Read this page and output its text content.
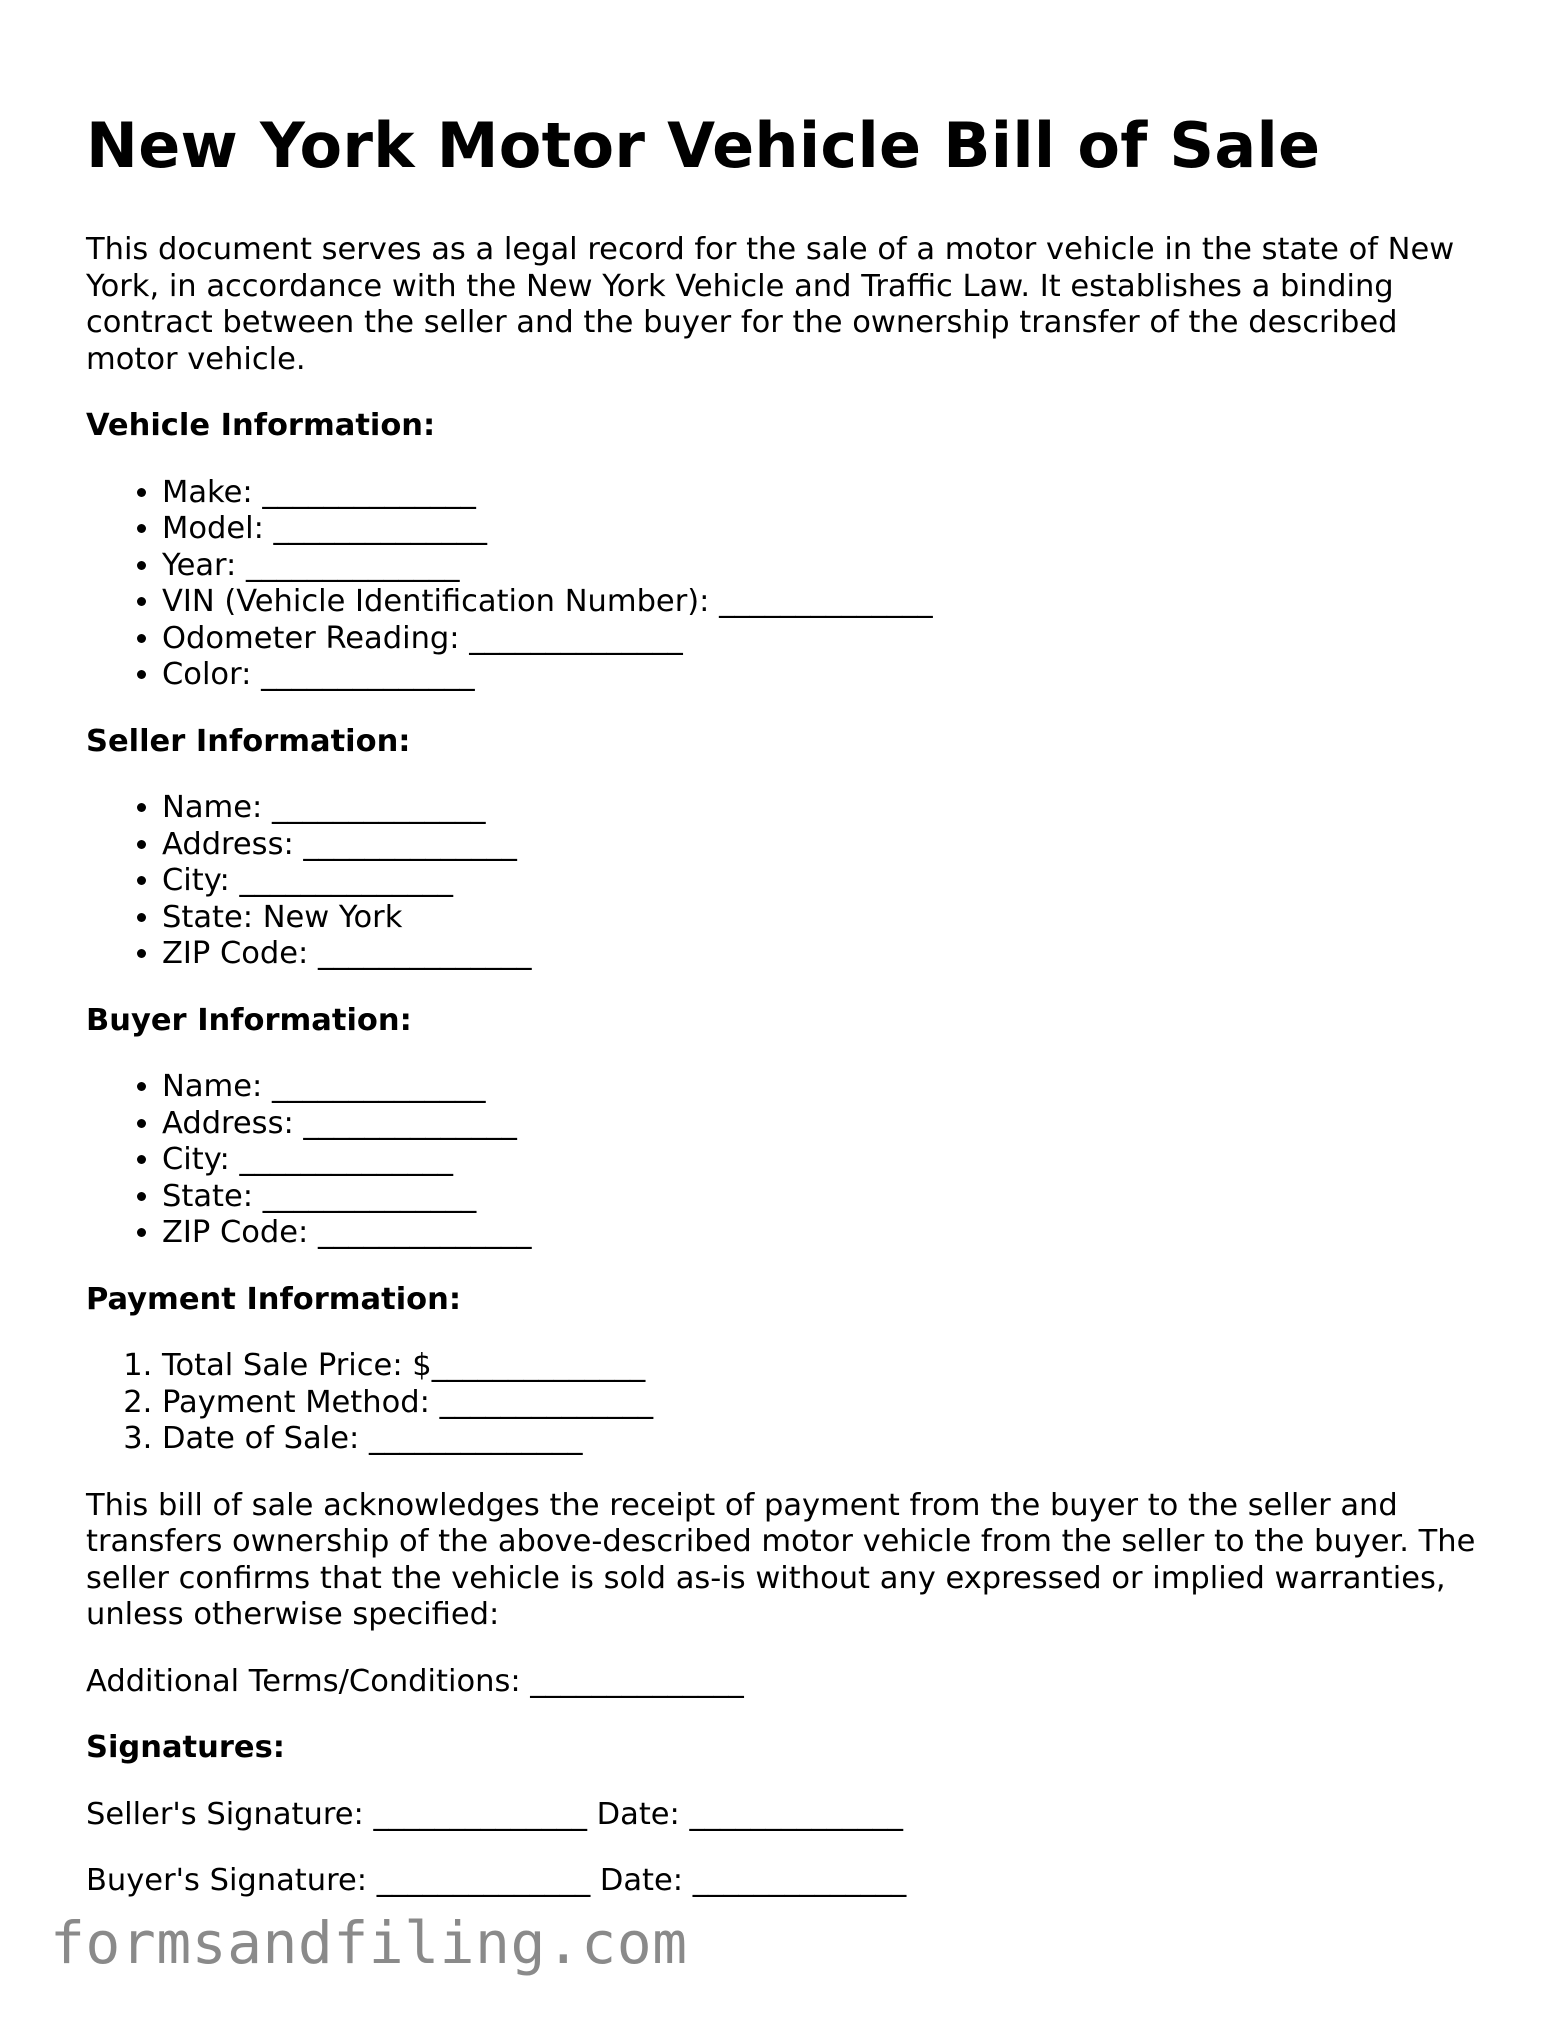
New York Motor Vehicle Bill of Sale

This document serves as a legal record for the sale of a motor vehicle in the state of New York, in accordance with the New York Vehicle and Traffic Law. It establishes a binding contract between the seller and the buyer for the ownership transfer of the described motor vehicle.

Vehicle Information:
• Make: ______________
• Model: ______________
• Year: ______________
• VIN (Vehicle Identification Number): ______________
• Odometer Reading: ______________
• Color: ______________
Seller Information:
• Name: ______________
• Address: ______________
• City: ______________
• State: New York
• ZIP Code: ______________
Buyer Information:
• Name: ______________
• Address: ______________
• City: ______________
• State: ______________
• ZIP Code: ______________
Payment Information:
1. Total Sale Price: $______________
2. Payment Method: ______________
3. Date of Sale: ______________

This bill of sale acknowledges the receipt of payment from the buyer to the seller and transfers ownership of the above-described motor vehicle from the seller to the buyer. The seller confirms that the vehicle is sold as-is without any expressed or implied warranties, unless otherwise specified:

Additional Terms/Conditions: ______________

Signatures:

Seller's Signature: ______________ Date: ______________

Buyer's Signature: ______________ Date: ______________

formsandfiling.com
